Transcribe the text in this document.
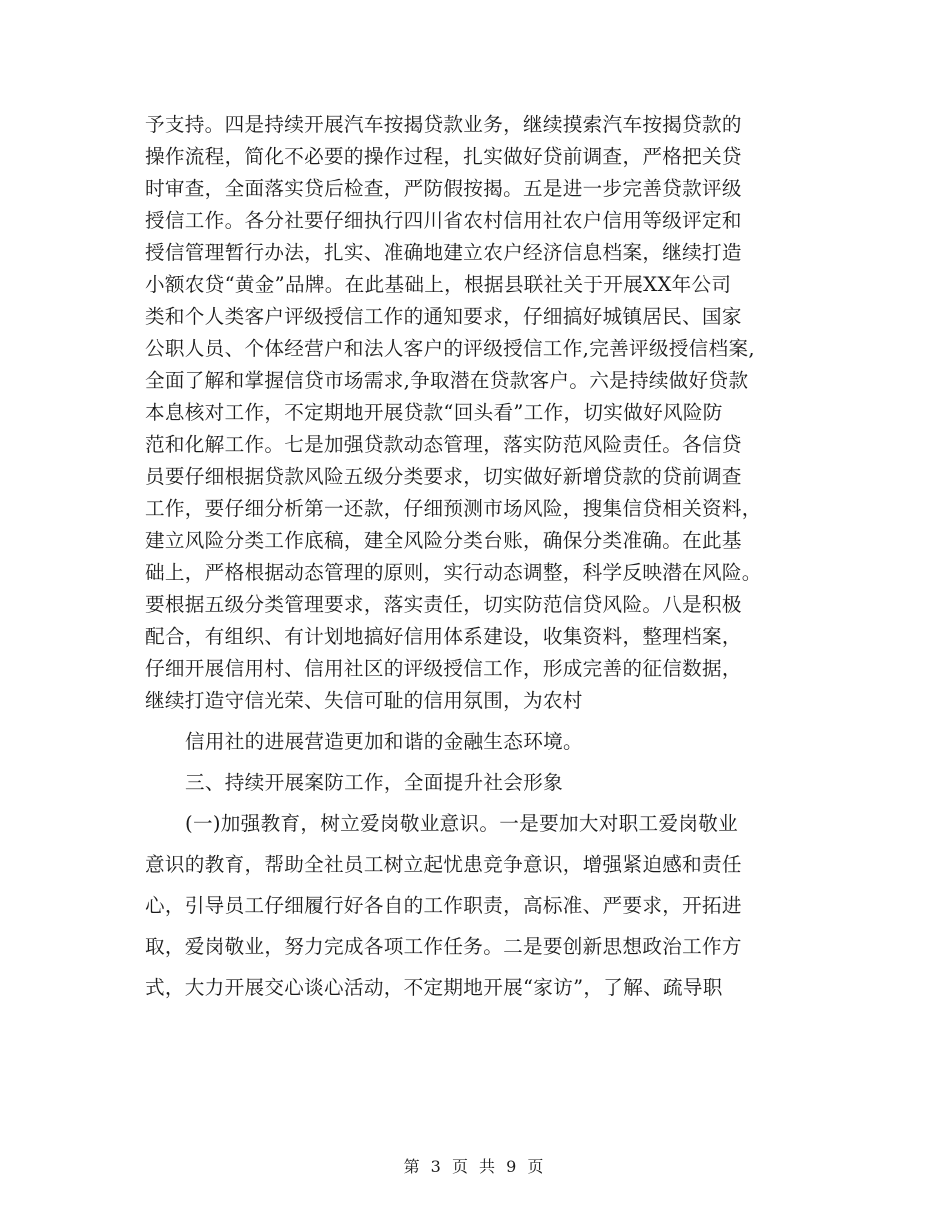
予支持。四是持续开展汽车按揭贷款业务，继续摸索汽车按揭贷款的
操作流程，简化不必要的操作过程，扎实做好贷前调查，严格把关贷
时审查，全面落实贷后检查，严防假按揭。五是进一步完善贷款评级
授信工作。各分社要仔细执行四川省农村信用社农户信用等级评定和
授信管理暂行办法，扎实、准确地建立农户经济信息档案，继续打造
小额农贷“黄金”品牌。在此基础上，根据县联社关于开展XX年公司
类和个人类客户评级授信工作的通知要求，仔细搞好城镇居民、国家
公职人员、个体经营户和法人客户的评级授信工作,完善评级授信档案,
全面了解和掌握信贷市场需求,争取潜在贷款客户。六是持续做好贷款
本息核对工作，不定期地开展贷款“回头看”工作，切实做好风险防
范和化解工作。七是加强贷款动态管理，落实防范风险责任。各信贷
员要仔细根据贷款风险五级分类要求，切实做好新增贷款的贷前调查
工作，要仔细分析第一还款，仔细预测市场风险，搜集信贷相关资料，
建立风险分类工作底稿，建全风险分类台账，确保分类准确。在此基
础上，严格根据动态管理的原则，实行动态调整，科学反映潜在风险。
要根据五级分类管理要求，落实责任，切实防范信贷风险。八是积极
配合，有组织、有计划地搞好信用体系建设，收集资料，整理档案，
仔细开展信用村、信用社区的评级授信工作，形成完善的征信数据，
继续打造守信光荣、失信可耻的信用氛围，为农村
信用社的进展营造更加和谐的金融生态环境。
三、持续开展案防工作，全面提升社会形象
(一)加强教育，树立爱岗敬业意识。一是要加大对职工爱岗敬业
意识的教育，帮助全社员工树立起忧患竞争意识，增强紧迫感和责任
心，引导员工仔细履行好各自的工作职责，高标准、严要求，开拓进
取，爱岗敬业，努力完成各项工作任务。二是要创新思想政治工作方
式，大力开展交心谈心活动，不定期地开展“家访”，了解、疏导职
第 3 页 共 9 页
